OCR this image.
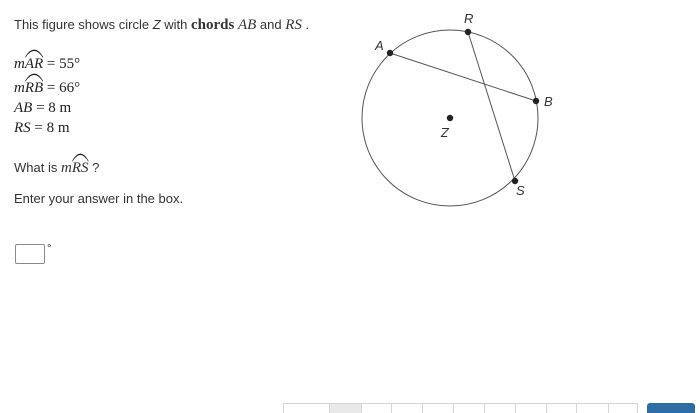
This figure shows circle Z with chords AB and RS .
m
AR = 55°
m
RB = 66°
AB = 8 m
RS = 8 m
What is m
RS ?
Enter your answer in the box.
°
A
R
B
S
Z
